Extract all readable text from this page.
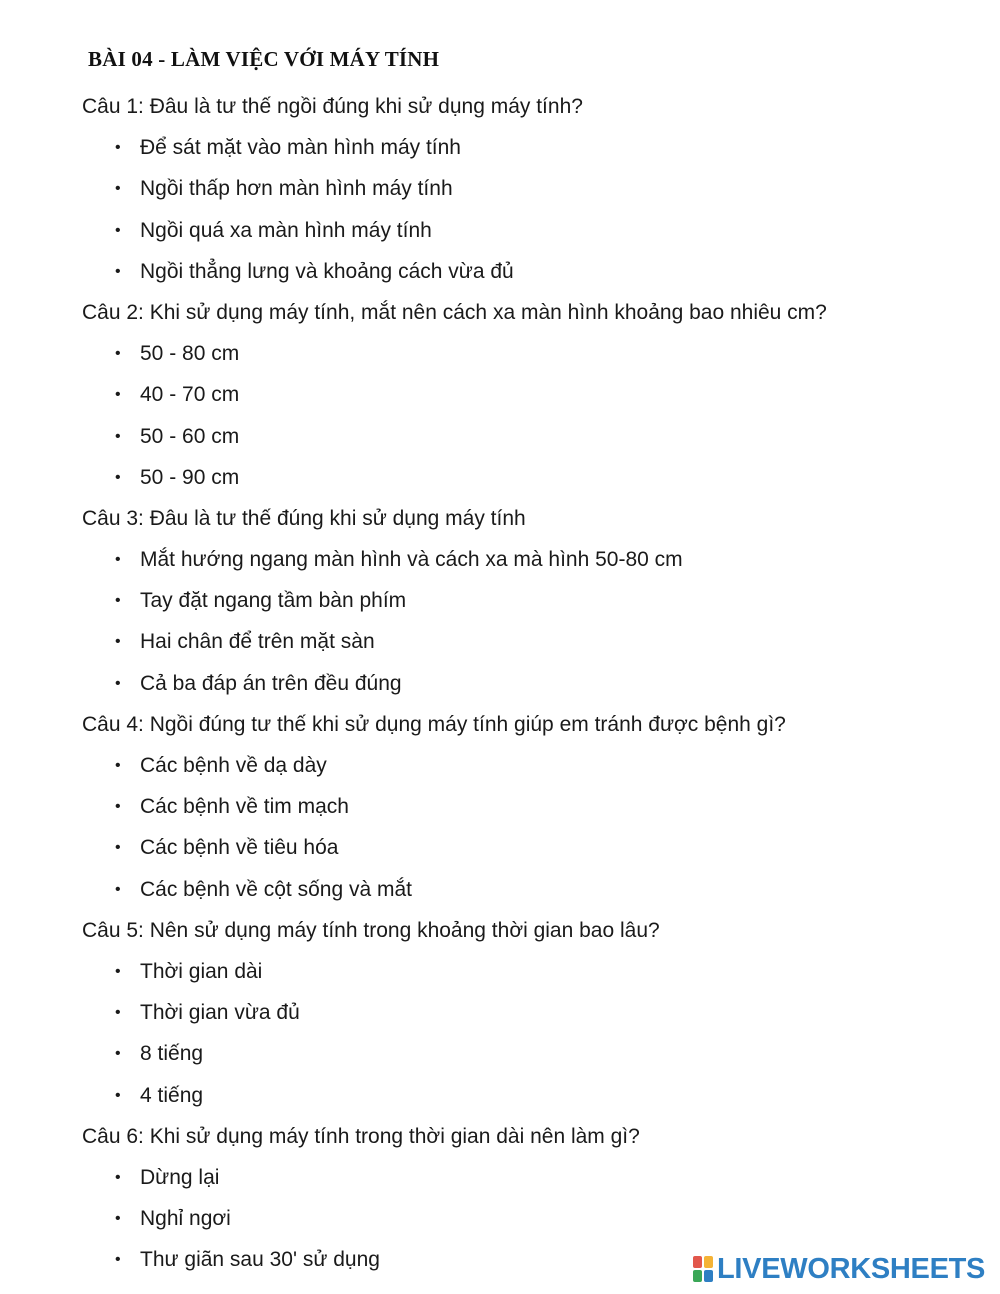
BÀI 04 - LÀM VIỆC VỚI MÁY TÍNH
Câu 1: Đâu là tư thế ngồi đúng khi sử dụng máy tính?
• Để sát mặt vào màn hình máy tính
• Ngồi thấp hơn màn hình máy tính
• Ngồi quá xa màn hình máy tính
• Ngồi thẳng lưng và khoảng cách vừa đủ
Câu 2: Khi sử dụng máy tính, mắt nên cách xa màn hình khoảng bao nhiêu cm?
• 50 - 80 cm
• 40 - 70 cm
• 50 - 60 cm
• 50 - 90 cm
Câu 3: Đâu là tư thế đúng khi sử dụng máy tính
• Mắt hướng ngang màn hình và cách xa mà hình 50-80 cm
• Tay đặt ngang tầm bàn phím
• Hai chân để trên mặt sàn
• Cả ba đáp án trên đều đúng
Câu 4: Ngồi đúng tư thế khi sử dụng máy tính giúp em tránh được bệnh gì?
• Các bệnh về dạ dày
• Các bệnh về tim mạch
• Các bệnh về tiêu hóa
• Các bệnh về cột sống và mắt
Câu 5: Nên sử dụng máy tính trong khoảng thời gian bao lâu?
• Thời gian dài
• Thời gian vừa đủ
• 8 tiếng
• 4 tiếng
Câu 6: Khi sử dụng máy tính trong thời gian dài nên làm gì?
• Dừng lại
• Nghỉ ngơi
• Thư giãn sau 30' sử dụng	LIVEWORKSHEETS
